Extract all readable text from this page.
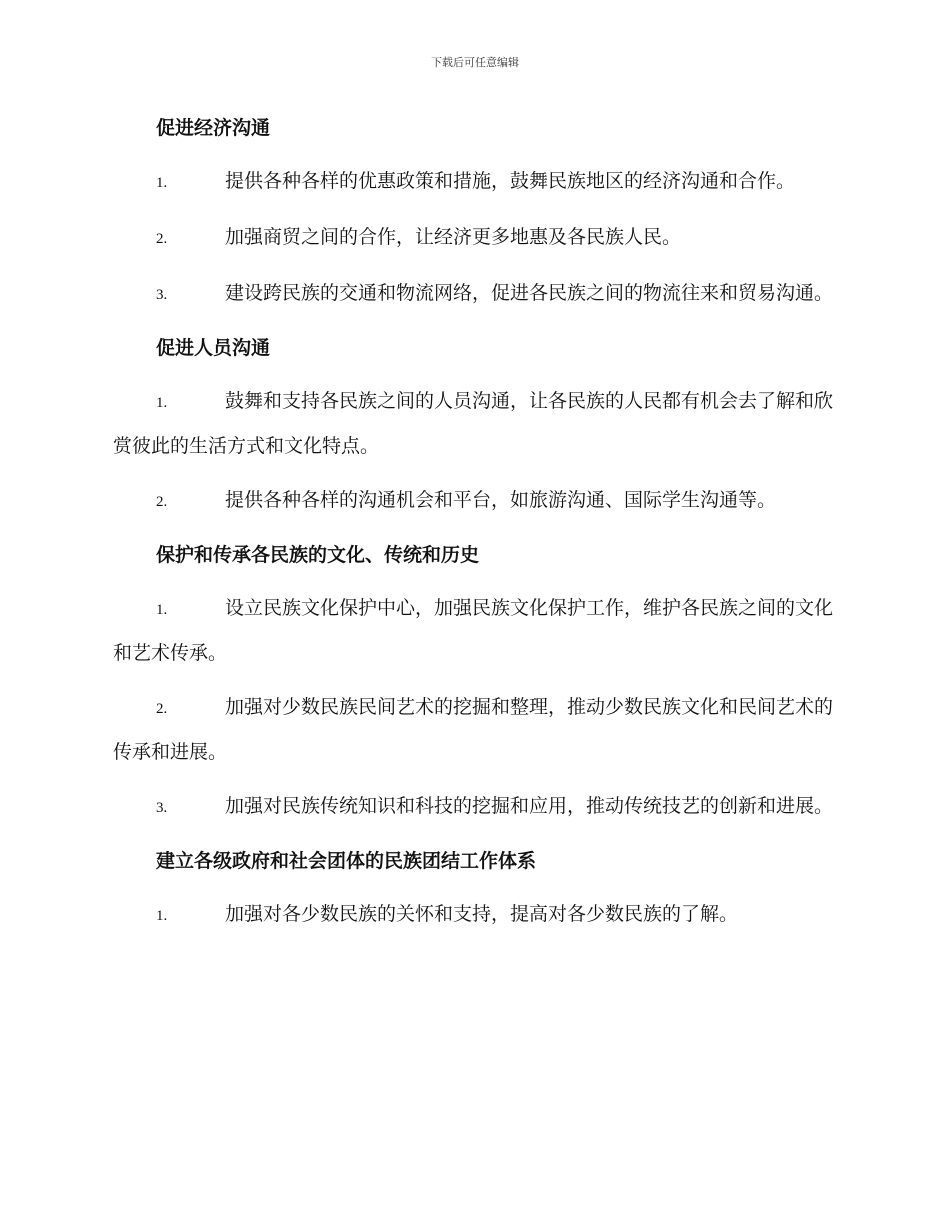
下载后可任意编辑
促进经济沟通
1.	提供各种各样的优惠政策和措施，鼓舞民族地区的经济沟通和合作。
2.	加强商贸之间的合作，让经济更多地惠及各民族人民。
3.	建设跨民族的交通和物流网络，促进各民族之间的物流往来和贸易沟通。
促进人员沟通
1.	鼓舞和支持各民族之间的人员沟通，让各民族的人民都有机会去了解和欣赏彼此的生活方式和文化特点。
2.	提供各种各样的沟通机会和平台，如旅游沟通、国际学生沟通等。
保护和传承各民族的文化、传统和历史
1.	设立民族文化保护中心，加强民族文化保护工作，维护各民族之间的文化和艺术传承。
2.	加强对少数民族民间艺术的挖掘和整理，推动少数民族文化和民间艺术的传承和进展。
3.	加强对民族传统知识和科技的挖掘和应用，推动传统技艺的创新和进展。
建立各级政府和社会团体的民族团结工作体系
1.	加强对各少数民族的关怀和支持，提高对各少数民族的了解。
